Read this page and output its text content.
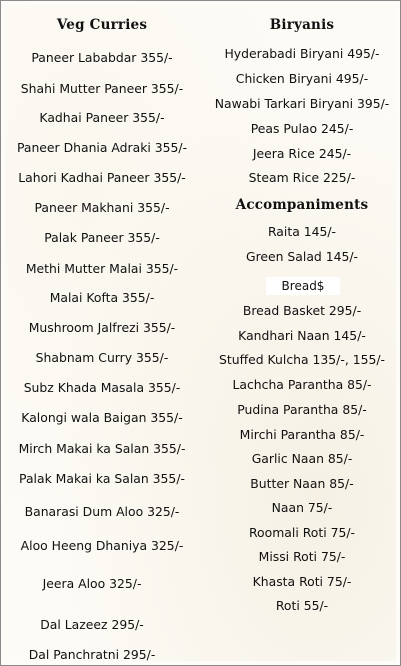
Veg Curries
Paneer Lababdar 355/-
Shahi Mutter Paneer 355/-
Kadhai Paneer 355/-
Paneer Dhania Adraki 355/-
Lahori Kadhai Paneer 355/-
Paneer Makhani 355/-
Palak Paneer 355/-
Methi Mutter Malai 355/-
Malai Kofta 355/-
Mushroom Jalfrezi 355/-
Shabnam Curry 355/-
Subz Khada Masala 355/-
Kalongi wala Baigan 355/-
Mirch Makai ka Salan 355/-
Palak Makai ka Salan 355/-
Banarasi Dum Aloo 325/-
Aloo Heeng Dhaniya 325/-
Jeera Aloo 325/-
Dal Lazeez 295/-
Dal Panchratni 295/-
Biryanis
Hyderabadi Biryani 495/-
Chicken Biryani 495/-
Nawabi Tarkari Biryani 395/-
Peas Pulao 245/-
Jeera Rice 245/-
Steam Rice 225/-
Accompaniments
Raita 145/-
Green Salad 145/-
Bread$
Bread Basket 295/-
Kandhari Naan 145/-
Stuffed Kulcha 135/-, 155/-
Lachcha Parantha 85/-
Pudina Parantha 85/-
Mirchi Parantha 85/-
Garlic Naan 85/-
Butter Naan 85/-
Naan 75/-
Roomali Roti 75/-
Missi Roti 75/-
Khasta Roti 75/-
Roti 55/-
